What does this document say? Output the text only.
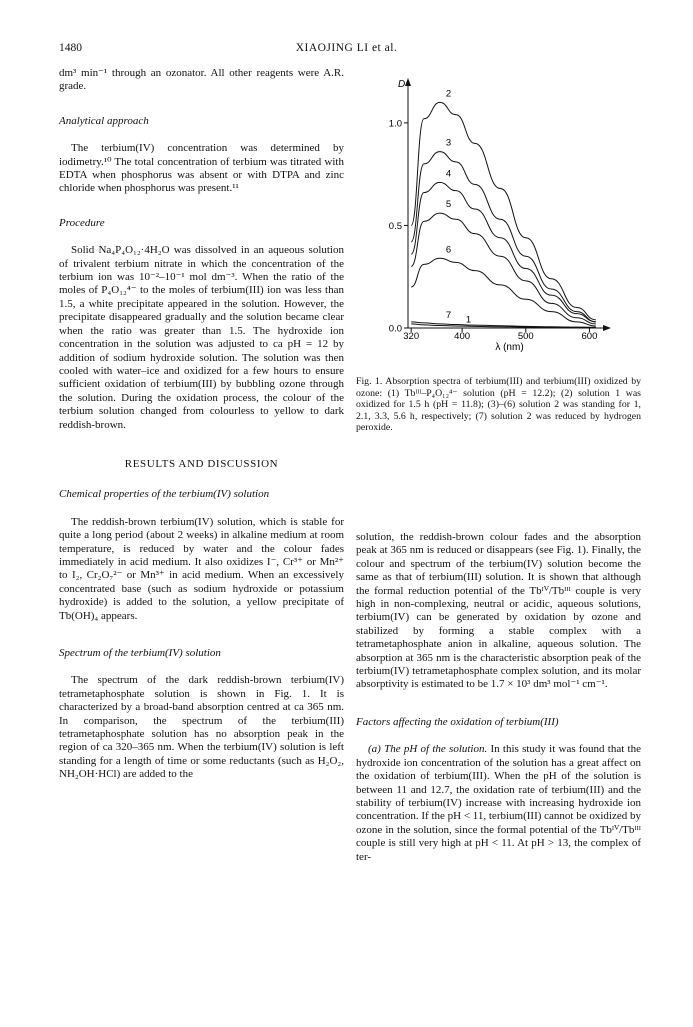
1480	XIAOJING LI et al.

dm³ min⁻¹ through an ozonator. All other reagents were A.R. grade.

Analytical approach

The terbium(IV) concentration was determined by iodimetry.¹⁰ The total concentration of terbium was titrated with EDTA when phosphorus was absent or with DTPA and zinc chloride when phosphorus was present.¹¹

Procedure

Solid Na₄P₄O₁₂·4H₂O was dissolved in an aqueous solution of trivalent terbium nitrate in which the concentration of the terbium ion was 10⁻²–10⁻¹ mol dm⁻³. When the ratio of the moles of P₄O₁₂⁴⁻ to the moles of terbium(III) ion was less than 1.5, a white precipitate appeared in the solution. However, the precipitate disappeared gradually and the solution became clear when the ratio was greater than 1.5. The hydroxide ion concentration in the solution was adjusted to ca pH = 12 by addition of sodium hydroxide solution. The solution was then cooled with water–ice and oxidized for a few hours to ensure sufficient oxidation of terbium(III) by bubbling ozone through the solution. During the oxidation process, the colour of the terbium solution changed from colourless to yellow to dark reddish-brown.

RESULTS AND DISCUSSION

Chemical properties of the terbium(IV) solution

The reddish-brown terbium(IV) solution, which is stable for quite a long period (about 2 weeks) in alkaline medium at room temperature, is reduced by water and the colour fades immediately in acid medium. It also oxidizes I⁻, Cr³⁺ or Mn²⁺ to I₂, Cr₂O₇²⁻ or Mn³⁺ in acid medium. When an excessively concentrated base (such as sodium hydroxide or potassium hydroxide) is added to the solution, a yellow precipitate of Tb(OH)₄ appears.

Spectrum of the terbium(IV) solution

The spectrum of the dark reddish-brown terbium(IV) tetrametaphosphate solution is shown in Fig. 1. It is characterized by a broad-band absorption centred at ca 365 nm. In comparison, the spectrum of the terbium(III) tetrametaphosphate solution has no absorption peak in the region of ca 320–365 nm. When the terbium(IV) solution is left standing for a length of time or some reductants (such as H₂O₂, NH₂OH·HCl) are added to the

D
λ (nm)
0.0
0.5
1.0
320	400	500	600
1
2
3
4
5
6
7
Fig. 1. Absorption spectra of terbium(III) and terbium(III) oxidized by ozone: (1) Tbᴵᴵᴵ–P₄O₁₂⁴⁻ solution (pH = 12.2); (2) solution 1 was oxidized for 1.5 h (pH = 11.8); (3)–(6) solution 2 was standing for 1, 2.1, 3.3, 5.6 h, respectively; (7) solution 2 was reduced by hydrogen peroxide.

solution, the reddish-brown colour fades and the absorption peak at 365 nm is reduced or disappears (see Fig. 1). Finally, the colour and spectrum of the terbium(IV) solution become the same as that of terbium(III) solution. It is shown that although the formal reduction potential of the Tbᴵⱽ/Tbᴵᴵᴵ couple is very high in non-complexing, neutral or acidic, aqueous solutions, terbium(IV) can be generated by oxidation by ozone and stabilized by forming a stable complex with a tetrametaphosphate anion in alkaline, aqueous solution. The absorption at 365 nm is the characteristic absorption peak of the terbium(IV) tetrametaphosphate complex solution, and its molar absorptivity is estimated to be 1.7 × 10³ dm³ mol⁻¹ cm⁻¹.

Factors affecting the oxidation of terbium(III)

(a) The pH of the solution. In this study it was found that the hydroxide ion concentration of the solution has a great affect on the oxidation of terbium(III). When the pH of the solution is between 11 and 12.7, the oxidation rate of terbium(III) and the stability of terbium(IV) increase with increasing hydroxide ion concentration. If the pH < 11, terbium(III) cannot be oxidized by ozone in the solution, since the formal potential of the Tbᴵⱽ/Tbᴵᴵᴵ couple is still very high at pH < 11. At pH > 13, the complex of ter-
